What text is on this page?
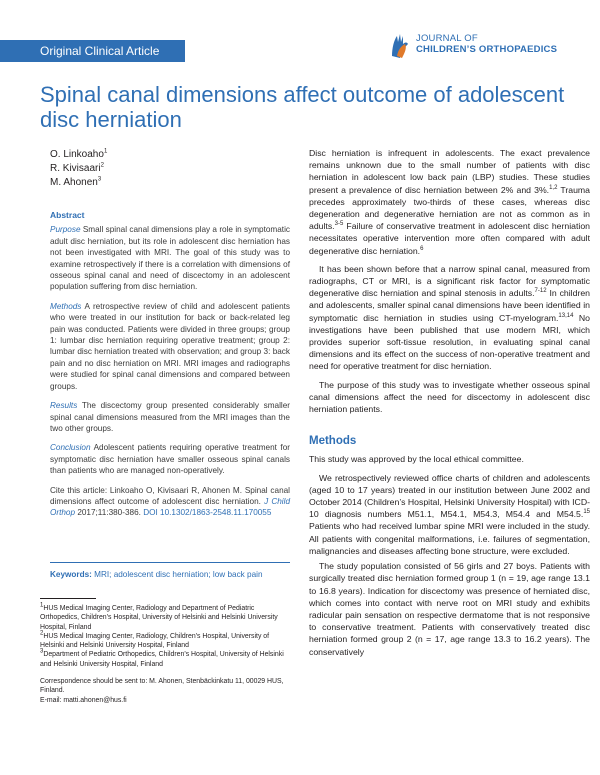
Original Clinical Article
JOURNAL OF
CHILDREN’S ORTHOPAEDICS
Spinal canal dimensions affect outcome of adolescent disc herniation
O. Linkoaho$^1$
R. Kivisaari$^2$
M. Ahonen$^3$
Abstract

Purpose Small spinal canal dimensions play a role in symptomatic adult disc herniation, but its role in adolescent disc herniation has not been investigated with MRI. The goal of this study was to examine retrospectively if there is a correlation with dimensions of osseous spinal canal and need of discectomy in an adolescent population suffering from disc herniation.

Methods A retrospective review of child and adolescent patients who were treated in our institution for back or back-related leg pain was conducted. Patients were divided in three groups; group 1: lumbar disc herniation requiring operative treatment; group 2: lumbar disc herniation treated with observation; and group 3: back pain and no disc herniation on MRI. MRI images and radiographs were studied for spinal canal dimensions and compared between groups.

Results The discectomy group presented considerably smaller spinal canal dimensions measured from the MRI images than the two other groups.

Conclusion Adolescent patients requiring operative treatment for symptomatic disc herniation have smaller osseous spinal canals than patients who are managed non-operatively.

Cite this article: Linkoaho O, Kivisaari R, Ahonen M. Spinal canal dimensions affect outcome of adolescent disc herniation. J Child Orthop 2017;11:380-386. DOI 10.1302/1863-2548.11.170055

Keywords: MRI; adolescent disc herniation; low back pain

$^1$HUS Medical Imaging Center, Radiology and Department of Pediatric Orthopedics, Children’s Hospital, University of Helsinki and Helsinki University Hospital, Finland

$^2$HUS Medical Imaging Center, Radiology, Children’s Hospital, University of Helsinki and Helsinki University Hospital, Finland

$^3$Department of Pediatric Orthopedics, Children’s Hospital, University of Helsinki and Helsinki University Hospital, Finland

Correspondence should be sent to: M. Ahonen, Stenbäckinkatu 11, 00029 HUS, Finland.

E-mail: matti.ahonen@hus.fi

Disc herniation is infrequent in adolescents. The exact prevalence remains unknown due to the small number of patients with disc herniation in adolescent low back pain (LBP) studies. These studies present a prevalence of disc herniation between 2% and 3%.$^{1,2}$ Trauma precedes approximately two-thirds of these cases, whereas disc degeneration and degenerative herniation are not as common as in adults.$^{3-5}$ Failure of conservative treatment in adolescent disc herniation necessitates operative intervention more often compared with adult degenerative disc herniation.$^6$

It has been shown before that a narrow spinal canal, measured from radiographs, CT or MRI, is a significant risk factor for symptomatic degenerative disc herniation and spinal stenosis in adults.$^{7-12}$ In children and adolescents, smaller spinal canal dimensions have been identified in symptomatic disc herniation in studies using CT-myelogram.$^{13,14}$ No investigations have been published that use modern MRI, which provides superior soft-tissue resolution, in evaluating spinal canal dimensions and its effect on the success of non-operative treatment and need for operative treatment for disc herniation.

The purpose of this study was to investigate whether osseous spinal canal dimensions affect the need for discectomy in adolescent disc herniation patients.

Methods

This study was approved by the local ethical committee.

We retrospectively reviewed office charts of children and adolescents (aged 10 to 17 years) treated in our institution between June 2002 and October 2014 (Children’s Hospital, Helsinki University Hospital) with ICD-10 diagnosis numbers M51.1, M54.1, M54.3, M54.4 and M54.5.15 Patients who had received lumbar spine MRI were included in the study. All patients with congenital malformations, i.e. failures of segmentation, malignancies and diseases affecting bone structure, were excluded.

The study population consisted of 56 girls and 27 boys. Patients with surgically treated disc herniation formed group 1 (n = 19, age range 13.1 to 16.8 years). Indication for discectomy was presence of herniated disc, which comes into contact with nerve root on MRI study and exhibits radicular pain sensation on respective dermatome that is not responsive to conservative treatment. Patients with conservatively treated disc herniation formed group 2 (n = 17, age range 13.3 to 16.2 years). The conservatively
